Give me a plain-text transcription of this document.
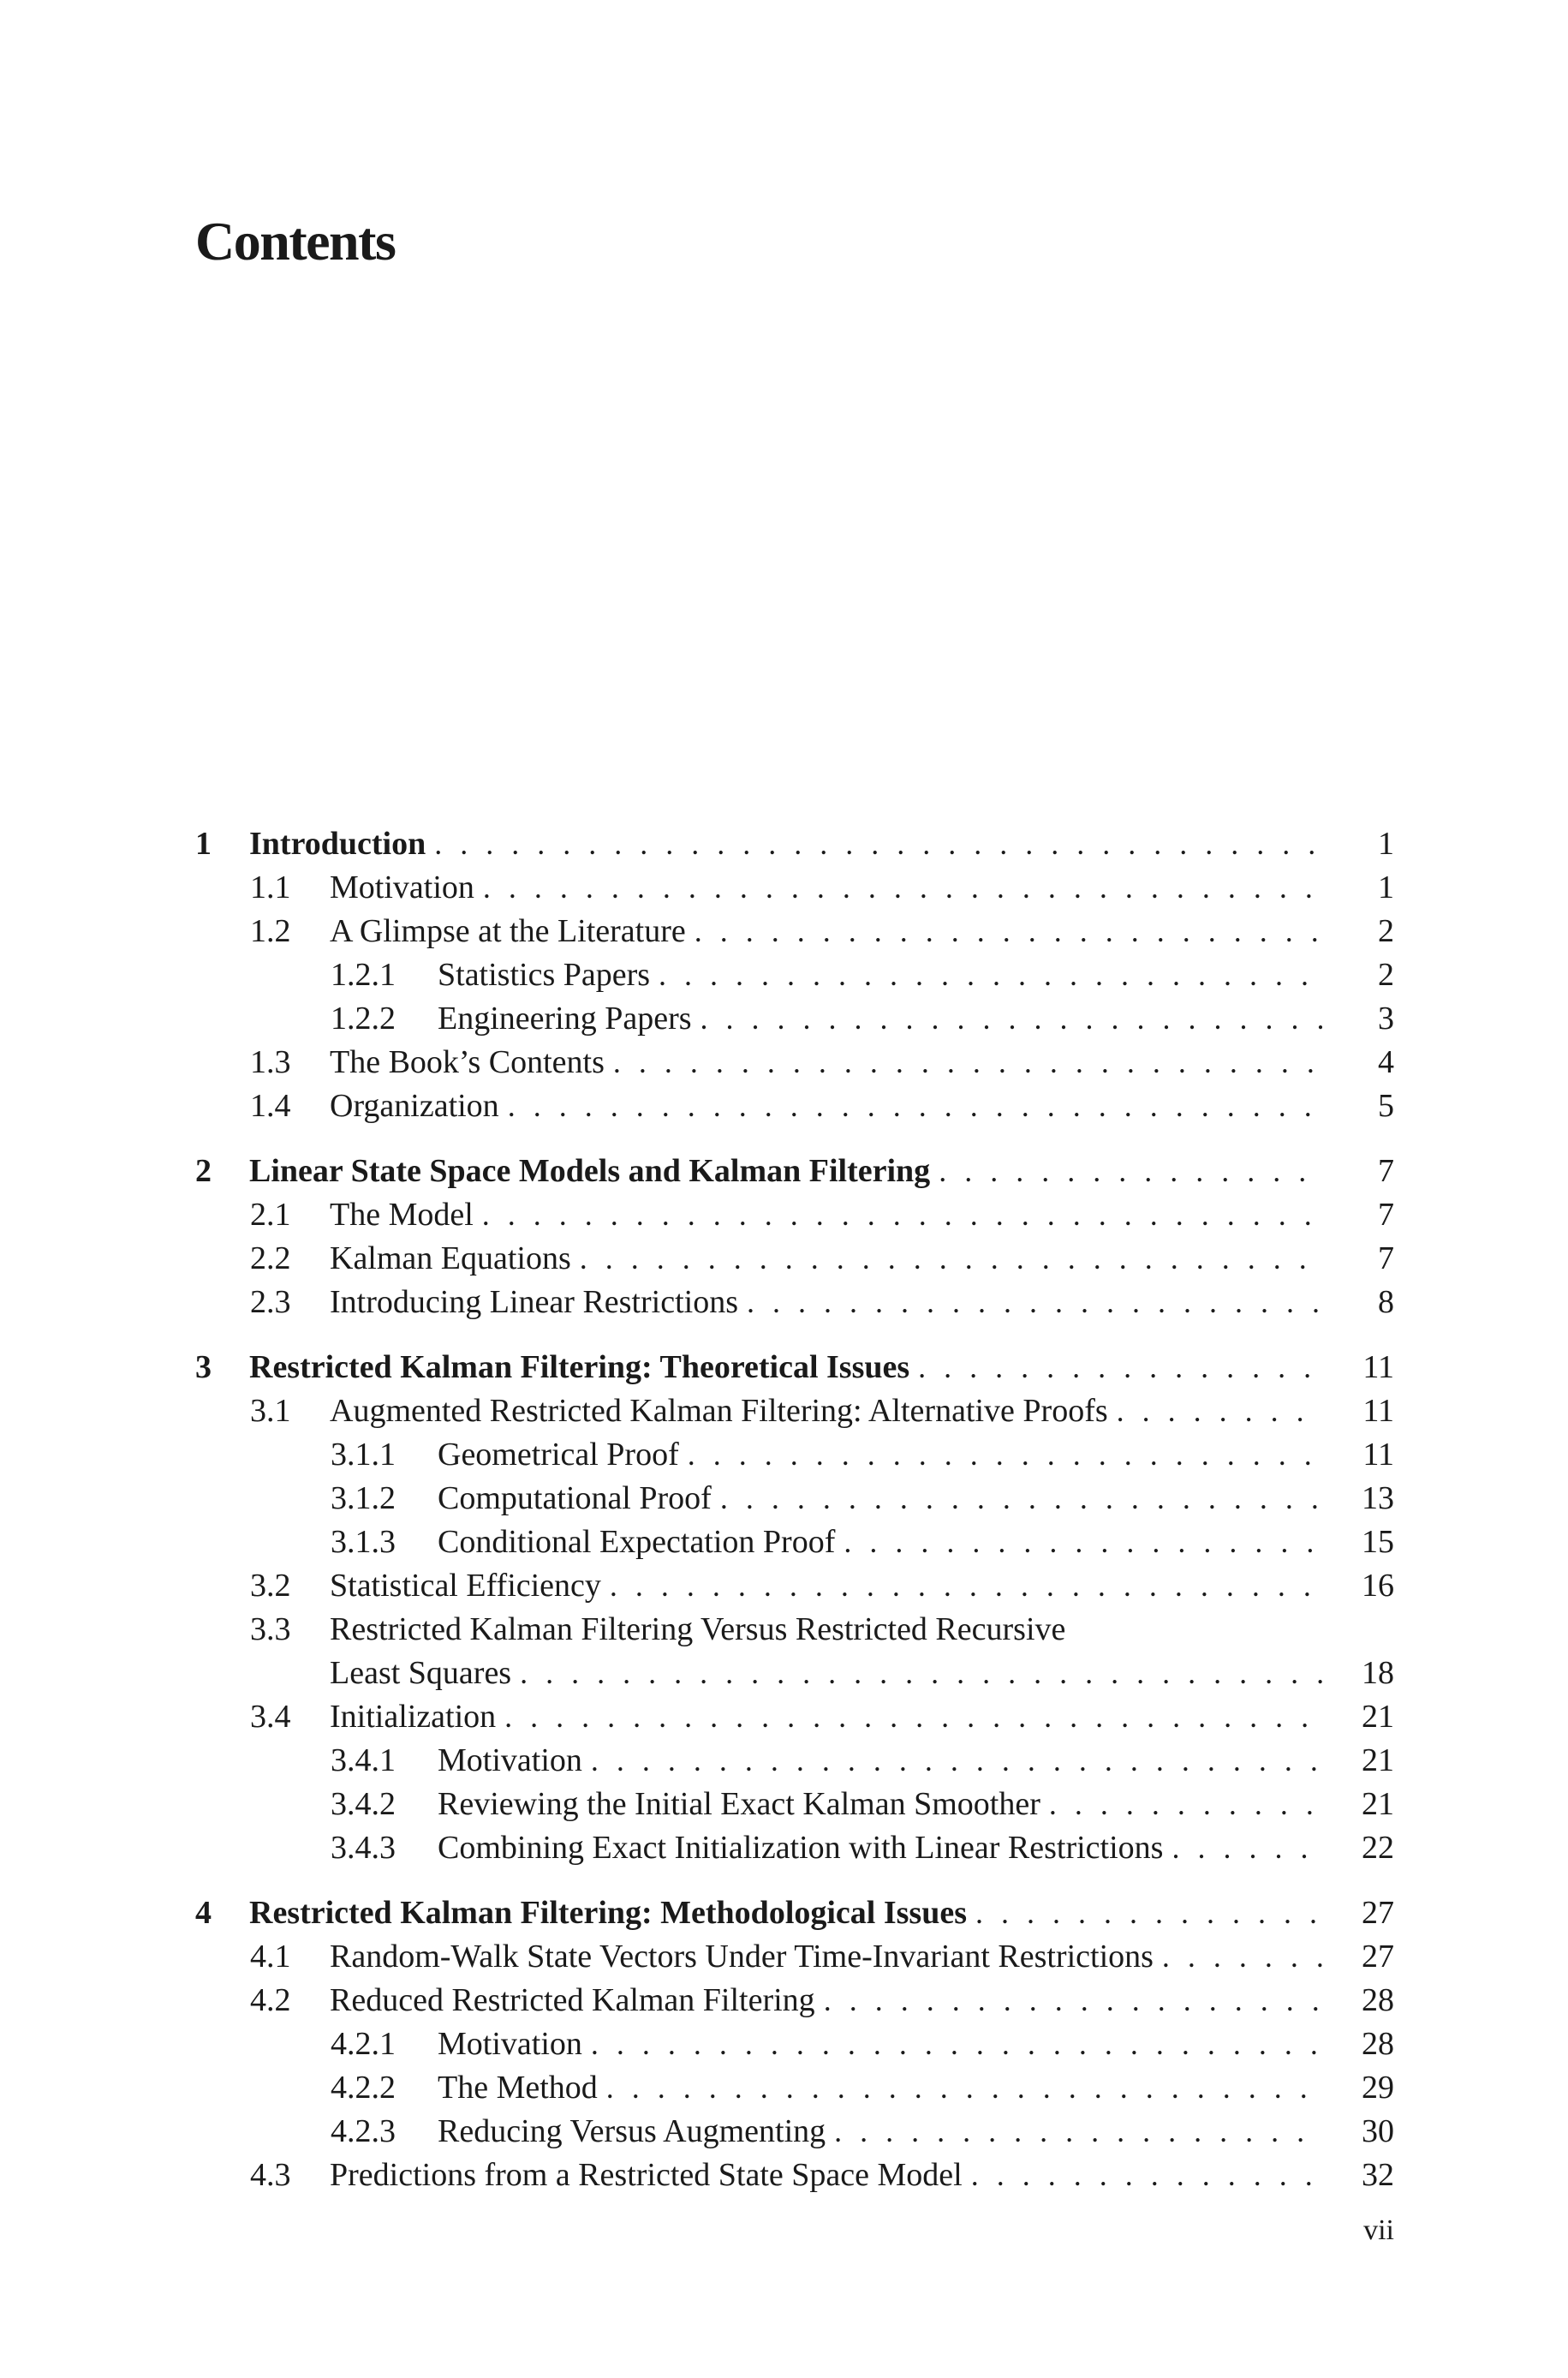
Contents
1 Introduction . . .	1
1.1 Motivation . . .	1
1.2 A Glimpse at the Literature . . .	2
1.2.1 Statistics Papers . . .	2
1.2.2 Engineering Papers . . .	3
1.3 The Book’s Contents . . .	4
1.4 Organization . . .	5
2 Linear State Space Models and Kalman Filtering . . .	7
2.1 The Model . . .	7
2.2 Kalman Equations . . .	7
2.3 Introducing Linear Restrictions . . .	8
3 Restricted Kalman Filtering: Theoretical Issues . . .	11
3.1 Augmented Restricted Kalman Filtering: Alternative Proofs . . .	11
3.1.1 Geometrical Proof . . .	11
3.1.2 Computational Proof . . .	13
3.1.3 Conditional Expectation Proof . . .	15
3.2 Statistical Efficiency . . .	16
3.3 Restricted Kalman Filtering Versus Restricted Recursive
Least Squares . . .	18
3.4 Initialization . . .	21
3.4.1 Motivation . . .	21
3.4.2 Reviewing the Initial Exact Kalman Smoother . . .	21
3.4.3 Combining Exact Initialization with Linear Restrictions . . .	22
4 Restricted Kalman Filtering: Methodological Issues . . .	27
4.1 Random-Walk State Vectors Under Time-Invariant Restrictions . . .	27
4.2 Reduced Restricted Kalman Filtering . . .	28
4.2.1 Motivation . . .	28
4.2.2 The Method . . .	29
4.2.3 Reducing Versus Augmenting . . .	30
4.3 Predictions from a Restricted State Space Model . . .	32
vii
